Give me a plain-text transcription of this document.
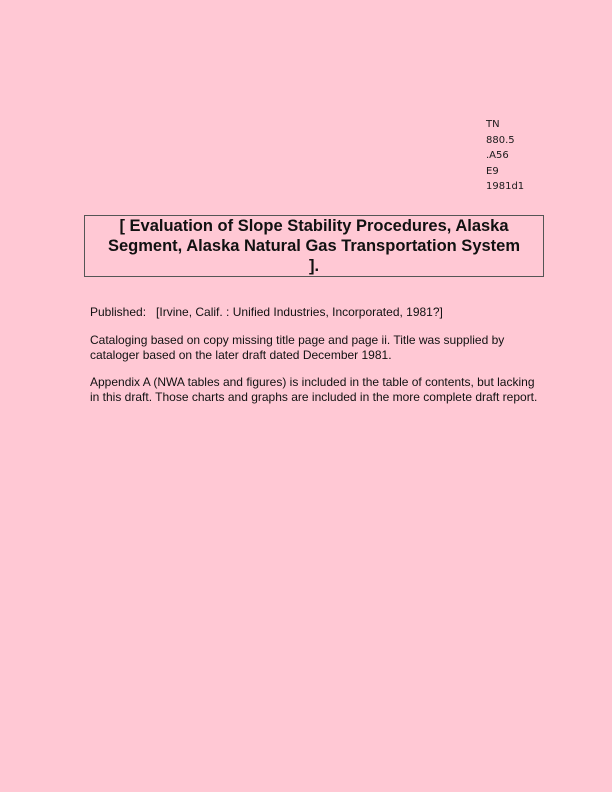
TN
880.5
.A56
E9
1981d1
[ Evaluation of Slope Stability Procedures, Alaska Segment, Alaska Natural Gas Transportation System ].

Published:   [Irvine, Calif. : Unified Industries, Incorporated, 1981?]

Cataloging based on copy missing title page and page ii. Title was supplied by cataloger based on the later draft dated December 1981.

Appendix A (NWA tables and figures) is included in the table of contents, but lacking in this draft. Those charts and graphs are included in the more complete draft report.
